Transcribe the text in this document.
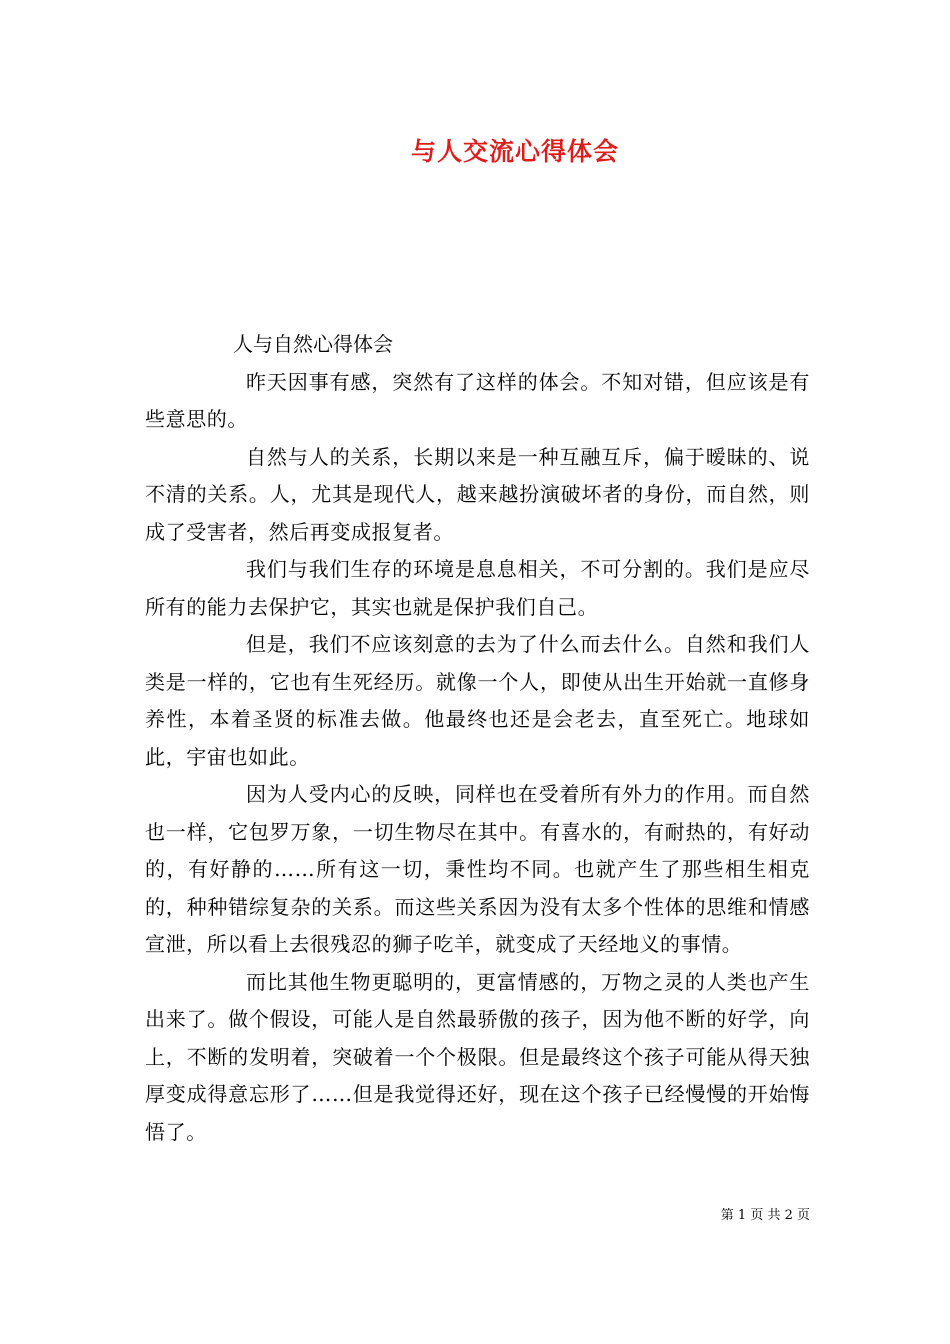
与人交流心得体会

人与自然心得体会

昨天因事有感，突然有了这样的体会。不知对错，但应该是有些意思的。

自然与人的关系，长期以来是一种互融互斥，偏于暧昧的、说不清的关系。人，尤其是现代人，越来越扮演破坏者的身份，而自然，则成了受害者，然后再变成报复者。

我们与我们生存的环境是息息相关，不可分割的。我们是应尽所有的能力去保护它，其实也就是保护我们自己。

但是，我们不应该刻意的去为了什么而去什么。自然和我们人类是一样的，它也有生死经历。就像一个人，即使从出生开始就一直修身养性，本着圣贤的标准去做。他最终也还是会老去，直至死亡。地球如此，宇宙也如此。

因为人受内心的反映，同样也在受着所有外力的作用。而自然也一样，它包罗万象，一切生物尽在其中。有喜水的，有耐热的，有好动的，有好静的……所有这一切，秉性均不同。也就产生了那些相生相克的，种种错综复杂的关系。而这些关系因为没有太多个性体的思维和情感宣泄，所以看上去很残忍的狮子吃羊，就变成了天经地义的事情。

而比其他生物更聪明的，更富情感的，万物之灵的人类也产生出来了。做个假设，可能人是自然最骄傲的孩子，因为他不断的好学，向上，不断的发明着，突破着一个个极限。但是最终这个孩子可能从得天独厚变成得意忘形了……但是我觉得还好，现在这个孩子已经慢慢的开始悔悟了。

第 1 页 共 2 页
